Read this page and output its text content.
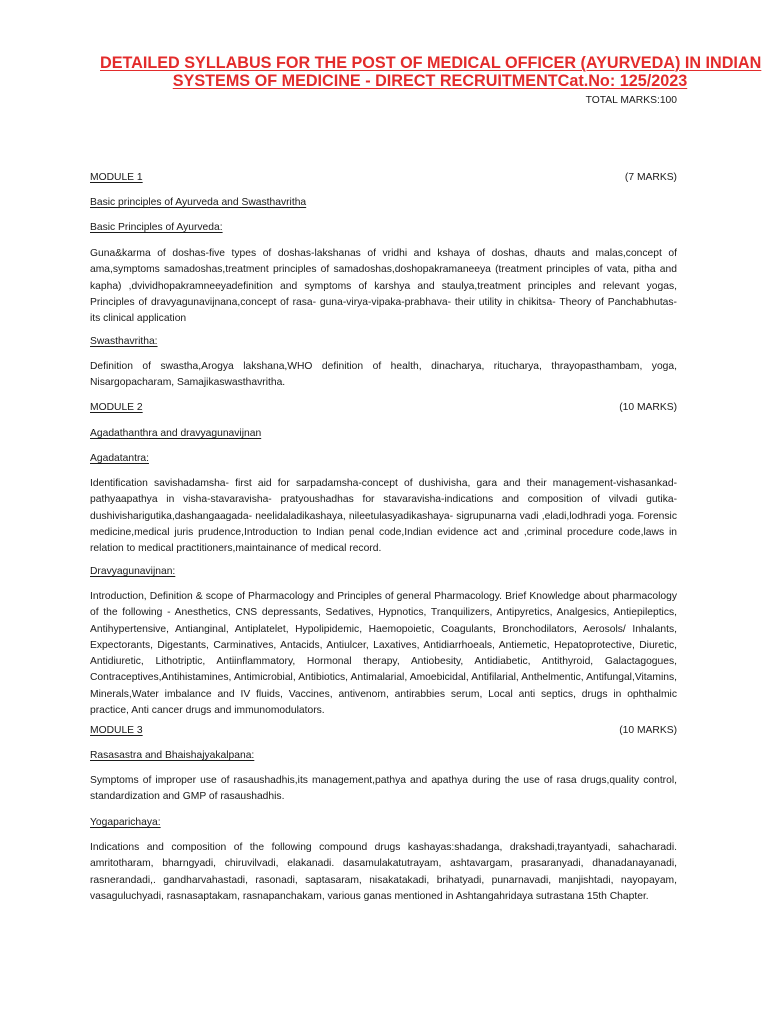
DETAILED SYLLABUS FOR THE POST OF MEDICAL OFFICER (AYURVEDA) IN INDIAN
SYSTEMS OF MEDICINE - DIRECT RECRUITMENTCat.No: 125/2023
TOTAL MARKS:100
MODULE 1	(7 MARKS)
Basic principles of Ayurveda and Swasthavritha
Basic Principles of Ayurveda:
Guna&karma of doshas-five types of doshas-lakshanas of vridhi and kshaya of doshas, dhauts and malas,concept of ama,symptoms samadoshas,treatment principles of samadoshas,doshopakramaneeya (treatment principles of vata, pitha and kapha) ,dvividhopakramneeyadefinition and symptoms of karshya and staulya,treatment principles and relevant yogas, Principles of dravyagunavijnana,concept of rasa- guna-virya-vipaka-prabhava- their utility in chikitsa- Theory of Panchabhutas- its clinical application
Swasthavritha:
Definition of swastha,Arogya lakshana,WHO definition of health, dinacharya, ritucharya, thrayopasthambam, yoga, Nisargopacharam, Samajikaswasthavritha.
MODULE 2	(10 MARKS)
Agadathanthra and dravyagunavijnan
Agadatantra:
Identification savishadamsha- first aid for sarpadamsha-concept of dushivisha, gara and their management-vishasankad-pathyaapathya in visha-stavaravisha- pratyoushadhas for stavaravisha-indications and composition of vilvadi gutika-dushivisharigutika,dashangaagada- neelidaladikashaya, nileetulasyadikashaya- sigrupunarna vadi ,eladi,lodhradi yoga. Forensic medicine,medical juris prudence,Introduction to Indian penal code,Indian evidence act and ,criminal procedure code,laws in relation to medical practitioners,maintainance of medical record.
Dravyagunavijnan:
Introduction, Definition & scope of Pharmacology and Principles of general Pharmacology. Brief Knowledge about pharmacology of the following - Anesthetics, CNS depressants, Sedatives, Hypnotics, Tranquilizers, Antipyretics, Analgesics, Antiepileptics, Antihypertensive, Antianginal, Antiplatelet, Hypolipidemic, Haemopoietic, Coagulants, Bronchodilators, Aerosols/ Inhalants, Expectorants, Digestants, Carminatives, Antacids, Antiulcer, Laxatives, Antidiarrhoeals, Antiemetic, Hepatoprotective, Diuretic, Antidiuretic, Lithotriptic, Antiinflammatory, Hormonal therapy, Antiobesity, Antidiabetic, Antithyroid, Galactagogues, Contraceptives,Antihistamines, Antimicrobial, Antibiotics, Antimalarial, Amoebicidal, Antifilarial, Anthelmentic, Antifungal,Vitamins, Minerals,Water imbalance and IV fluids, Vaccines, antivenom, antirabbies serum, Local anti septics, drugs in ophthalmic practice, Anti cancer drugs and immunomodulators.
MODULE 3	(10 MARKS)
Rasasastra and Bhaishajyakalpana:
Symptoms of improper use of rasaushadhis,its management,pathya and apathya during the use of rasa drugs,quality control, standardization and GMP of rasaushadhis.
Yogaparichaya:
Indications and composition of the following compound drugs kashayas:shadanga, drakshadi,trayantyadi, sahacharadi. amritotharam, bharngyadi, chiruvilvadi, elakanadi. dasamulakatutrayam, ashtavargam, prasaranyadi, dhanadanayanadi, rasnerandadi,. gandharvahastadi, rasonadi, saptasaram, nisakatakadi, brihatyadi, punarnavadi, manjishtadi, nayopayam, vasaguluchyadi, rasnasaptakam, rasnapanchakam, various ganas mentioned in Ashtangahridaya sutrastana 15th Chapter.
